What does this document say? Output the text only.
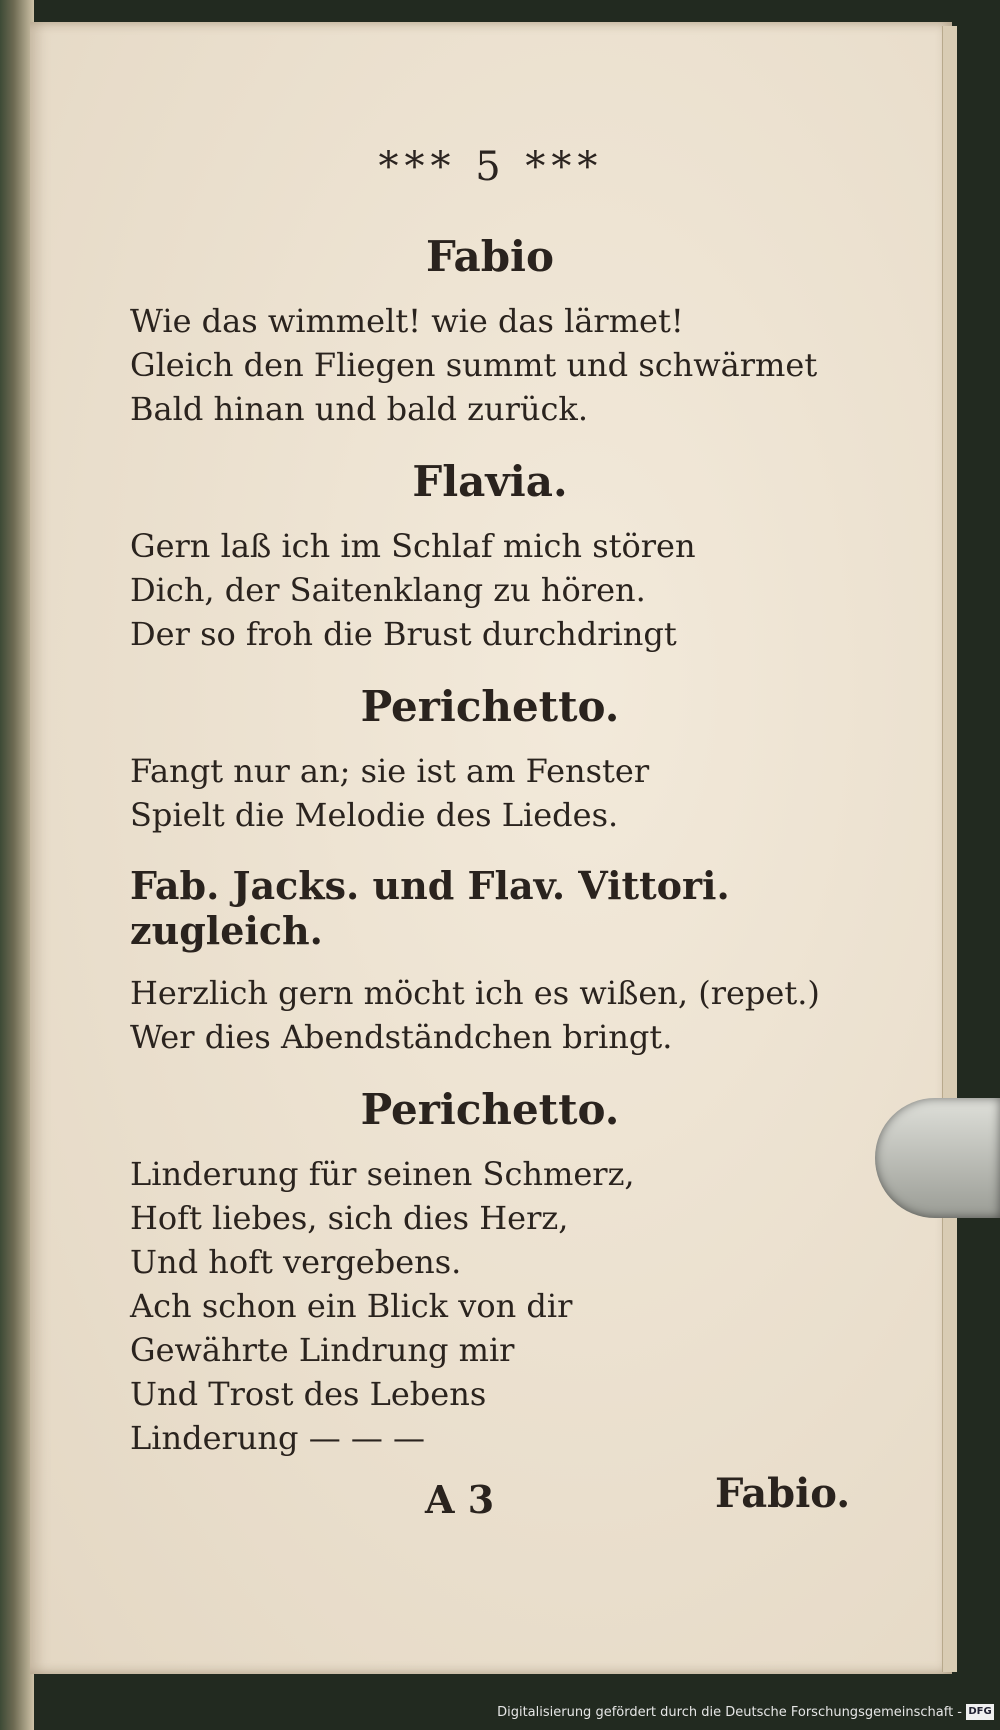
*** 5 ***
Fabio
Wie das wimmelt! wie das lärmet!
Gleich den Fliegen summt und schwärmet
Bald hinan und bald zurück.
Flavia.
Gern laß ich im Schlaf mich stören
Dich, der Saitenklang zu hören.
Der so froh die Brust durchdringt
Perichetto.
Fangt nur an; sie ist am Fenster
Spielt die Melodie des Liedes.
Fab. Jacks. und Flav. Vittori. zugleich.
Herzlich gern möcht ich es wißen, (repet.)
Wer dies Abendständchen bringt.
Perichetto.
Linderung für seinen Schmerz,
Hoft liebes, sich dies Herz,
Und hoft vergebens.
Ach schon ein Blick von dir
Gewährte Lindrung mir
Und Trost des Lebens
Linderung — — —
A 3	Fabio.
Digitalisierung gefördert durch die Deutsche Forschungsgemeinschaft - DFG
